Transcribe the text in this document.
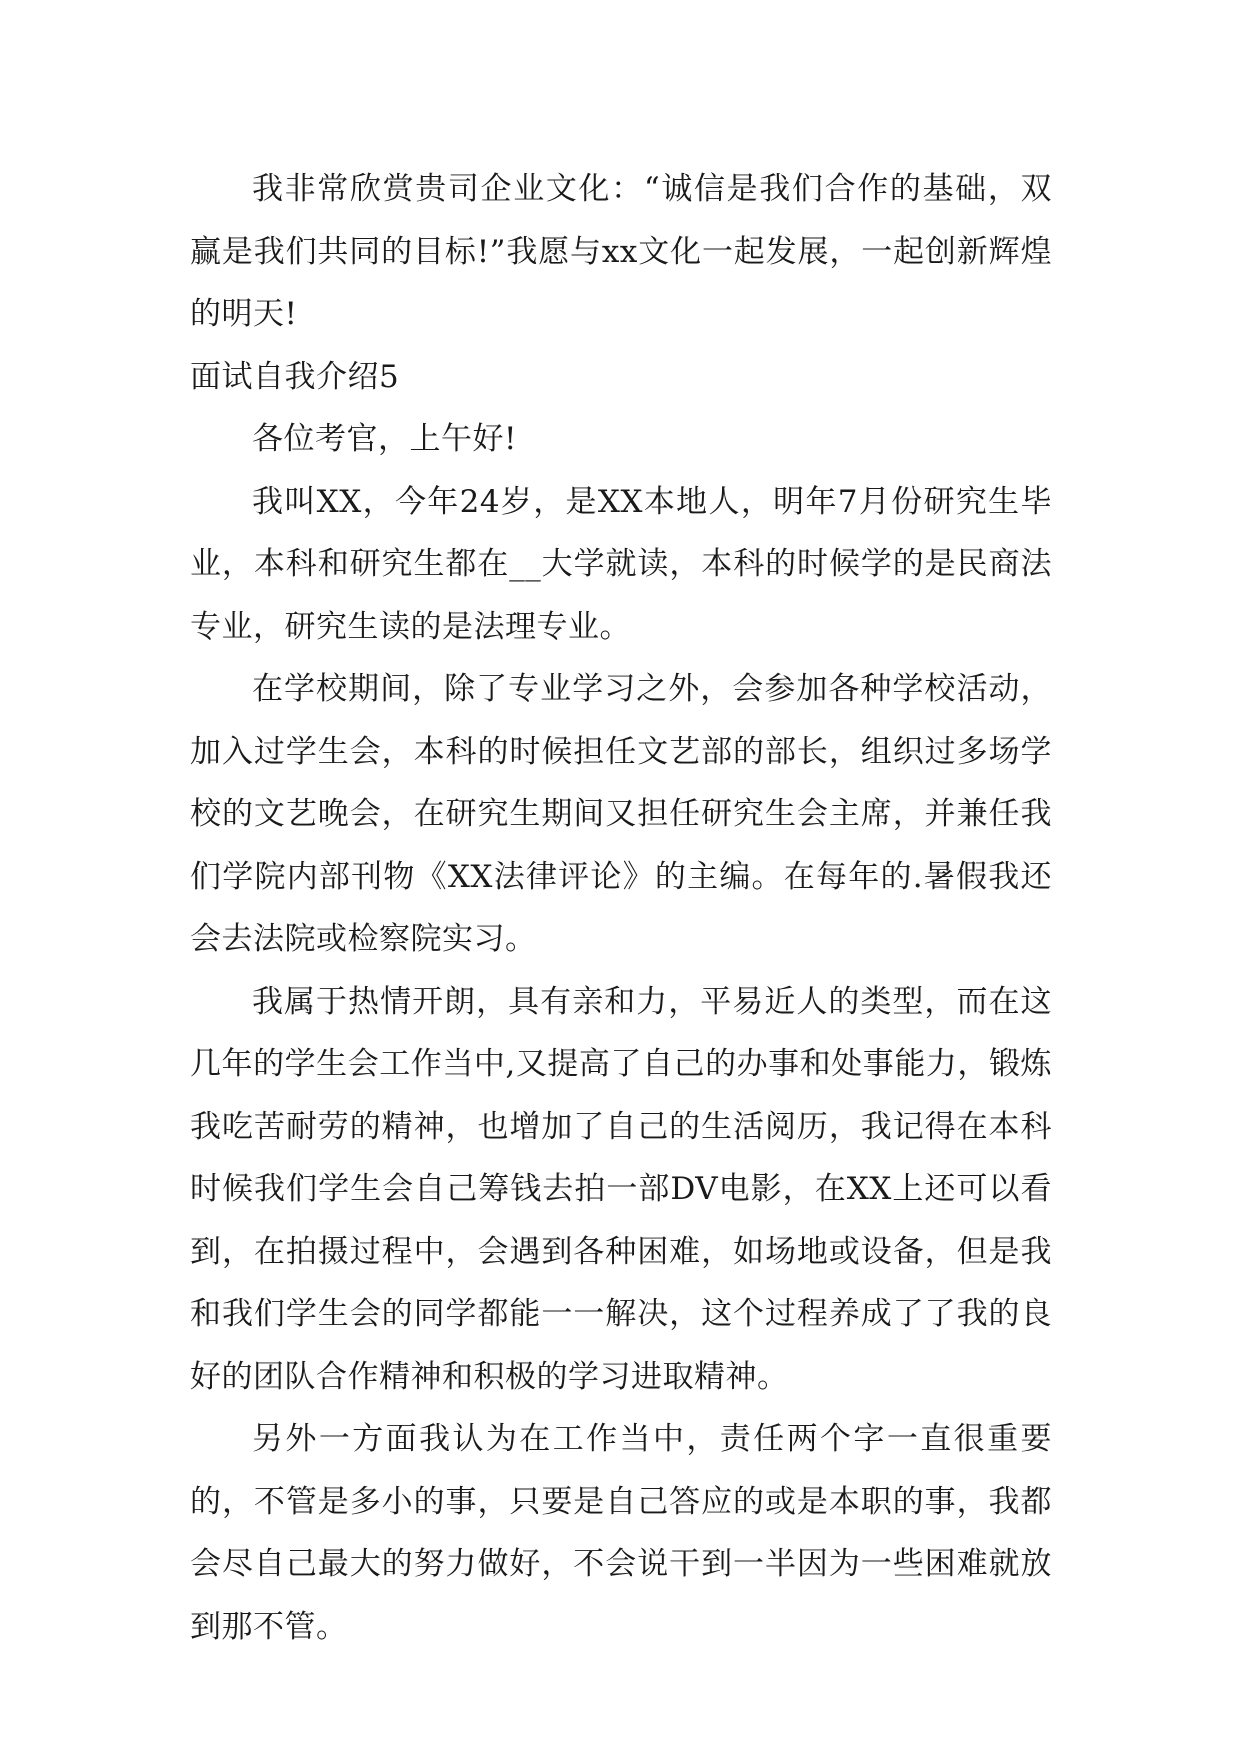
我非常欣赏贵司企业文化：“诚信是我们合作的基础，双赢是我们共同的目标!”我愿与xx文化一起发展，一起创新辉煌的明天!

面试自我介绍5

各位考官，上午好!

我叫XX，今年24岁，是XX本地人，明年7月份研究生毕业，本科和研究生都在__大学就读，本科的时候学的是民商法专业，研究生读的是法理专业。

在学校期间，除了专业学习之外，会参加各种学校活动，加入过学生会，本科的时候担任文艺部的部长，组织过多场学校的文艺晚会，在研究生期间又担任研究生会主席，并兼任我们学院内部刊物《XX法律评论》的主编。在每年的.暑假我还会去法院或检察院实习。

我属于热情开朗，具有亲和力，平易近人的类型，而在这几年的学生会工作当中,又提高了自己的办事和处事能力，锻炼我吃苦耐劳的精神，也增加了自己的生活阅历，我记得在本科时候我们学生会自己筹钱去拍一部DV电影，在XX上还可以看到，在拍摄过程中，会遇到各种困难，如场地或设备，但是我和我们学生会的同学都能一一解决，这个过程养成了了我的良好的团队合作精神和积极的学习进取精神。

另外一方面我认为在工作当中，责任两个字一直很重要的，不管是多小的事，只要是自己答应的或是本职的事，我都会尽自己最大的努力做好，不会说干到一半因为一些困难就放到那不管。
